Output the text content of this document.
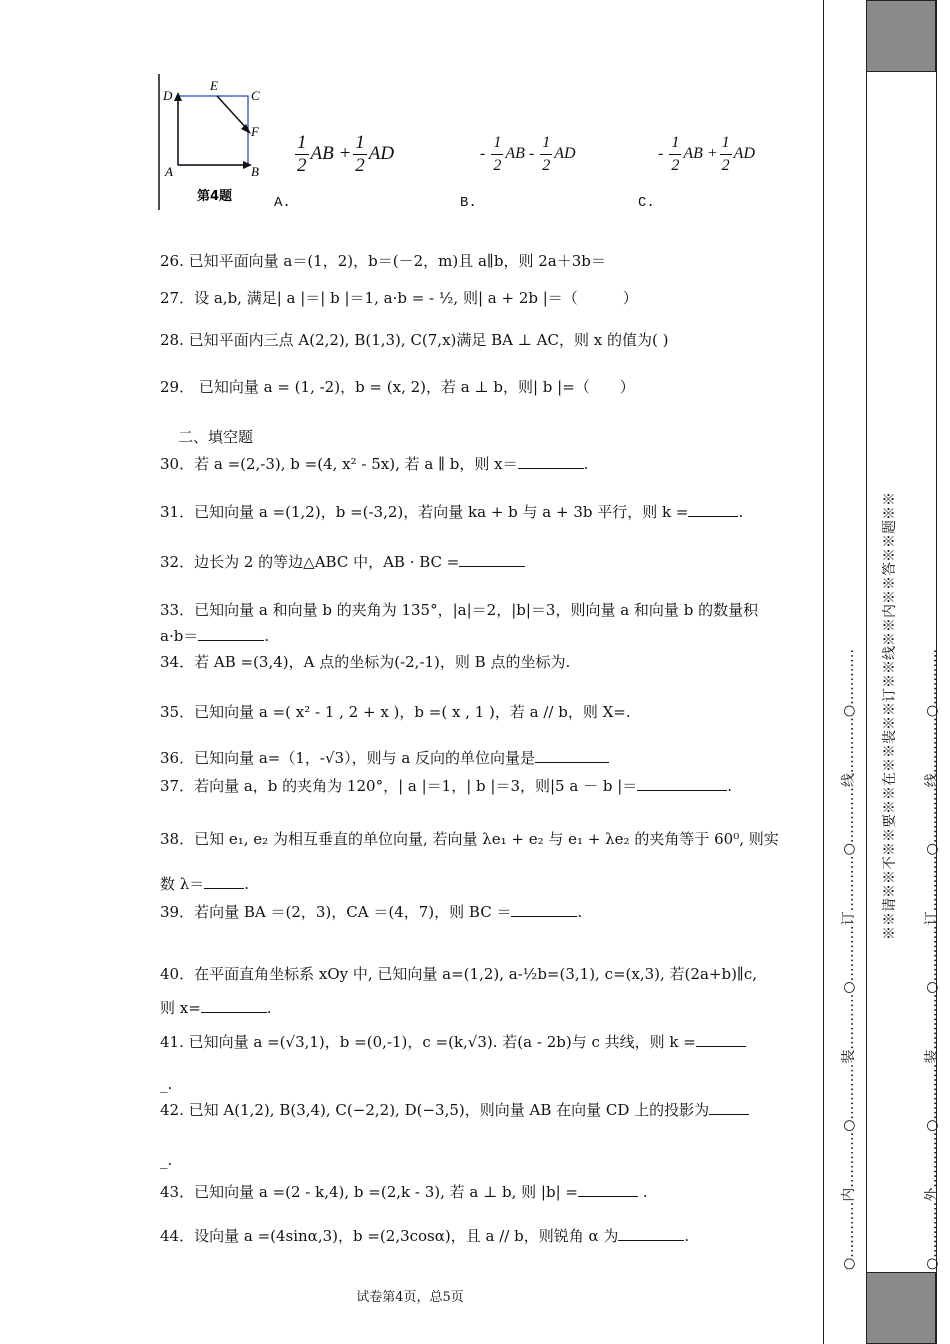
D
E
C
F
A	B
第4题
$\frac{1}{2}$ AB + $\frac{1}{2}$ AD	- $\frac{1}{2}$ AB - $\frac{1}{2}$ AD	- $\frac{1}{2}$ AB + $\frac{1}{2}$ AD
A.	B.	C.
26. 已知平面向量 a＝(1，2)，b＝(－2，m)且 a∥b，则 2a＋3b＝
27．设 a,b, 满足| a |＝| b |＝1, a·b = - ½, 则| a + 2b |＝（　　　）
28. 已知平面内三点 A(2,2), B(1,3), C(7,x)满足 BA ⊥ AC，则 x 的值为( )
29． 已知向量 a = (1, -2)，b = (x, 2)，若 a ⊥ b，则| b |=（　　）
二、填空题
30．若 a =(2,-3), b =(4, x² - 5x), 若 a ∥ b，则 x＝	.
31．已知向量 a =(1,2)，b =(-3,2)，若向量 ka + b 与 a + 3b 平行，则 k =	.
32．边长为 2 的等边△ABC 中，AB · BC =
33．已知向量 a 和向量 b 的夹角为 135°，|a|＝2，|b|＝3，则向量 a 和向量 b 的数量积
a·b＝	.
34．若 AB =(3,4)，A 点的坐标为(-2,-1)，则 B 点的坐标为.
35．已知向量 a =( x² - 1 , 2 + x )，b =( x , 1 )，若 a // b，则 X=.
36．已知向量 a=（1，-√3），则与 a 反向的单位向量是
37．若向量 a，b 的夹角为 120°，| a |＝1，| b |＝3，则|5 a － b |＝	.
38．已知 e₁, e₂ 为相互垂直的单位向量, 若向量 λe₁ + e₂ 与 e₁ + λe₂ 的夹角等于 60⁰, 则实
数 λ＝	.
39．若向量 BA ＝(2，3)，CA ＝(4，7)，则 BC ＝	.
40．在平面直角坐标系 xOy 中, 已知向量 a=(1,2), a-½b=(3,1), c=(x,3), 若(2a+b)∥c,
则 x=	.
41. 已知向量 a =(√3,1)，b =(0,-1)，c =(k,√3). 若(a - 2b)与 c 共线，则 k =
_.
42. 已知 A(1,2), B(3,4), C(−2,2), D(−3,5)，则向量 AB 在向量 CD 上的投影为
_.
43．已知向量 a =(2 - k,4), b =(2,k - 3), 若 a ⊥ b, 则 |b| =	.
44．设向量 a =(4sinα,3)，b =(2,3cosα)，且 a // b，则锐角 α 为	.
试卷第4页，总5页
※※请※※不※※要※※在※※装※※订※※线※※内※※答※※题※※
○…………内…………○…………装…………○…………订…………○…………线…………○…………	○…………外…………○…………装…………○…………订…………○…………线…………○…………
